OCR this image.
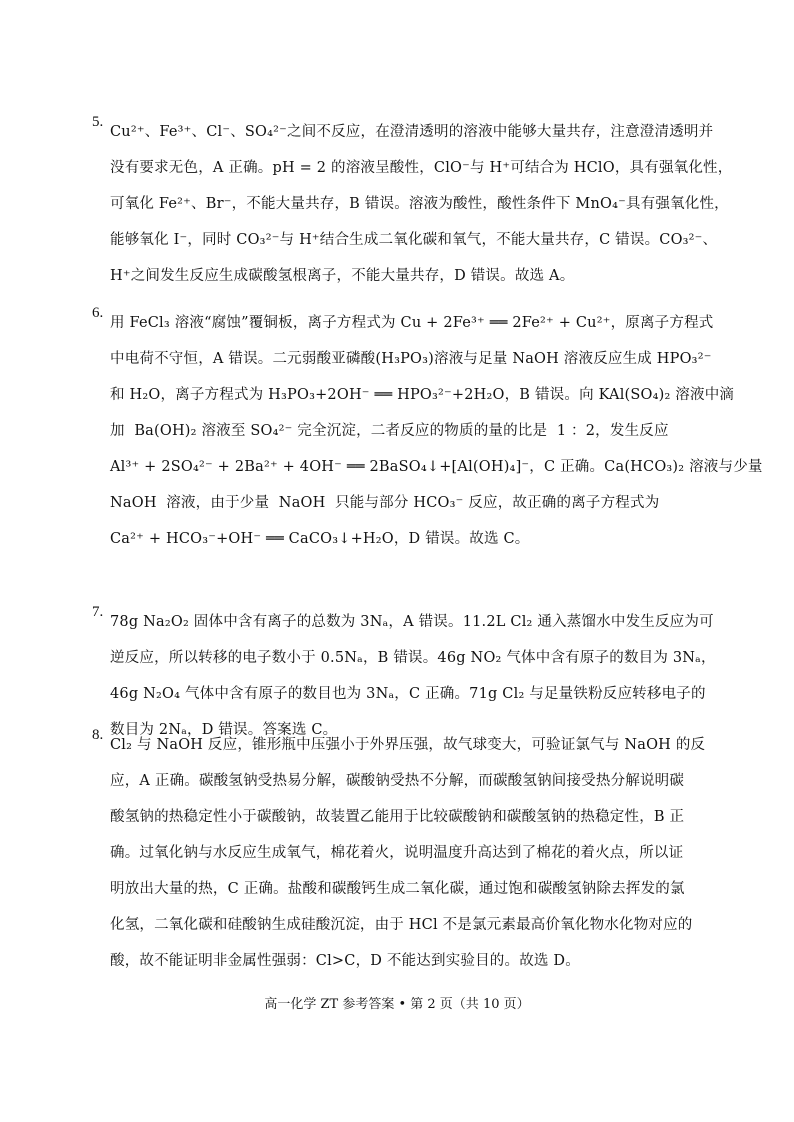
5.
Cu²⁺、Fe³⁺、Cl⁻、SO₄²⁻之间不反应，在澄清透明的溶液中能够大量共存，注意澄清透明并
没有要求无色，A 正确。pH = 2 的溶液呈酸性，ClO⁻与 H⁺可结合为 HClO，具有强氧化性，
可氧化 Fe²⁺、Br⁻，不能大量共存，B 错误。溶液为酸性，酸性条件下 MnO₄⁻具有强氧化性，
能够氧化 I⁻，同时 CO₃²⁻与 H⁺结合生成二氧化碳和氧气，不能大量共存，C 错误。CO₃²⁻、
H⁺之间发生反应生成碳酸氢根离子，不能大量共存，D 错误。故选 A。
6.
用 FeCl₃ 溶液“腐蚀”覆铜板，离子方程式为 Cu + 2Fe³⁺ ══ 2Fe²⁺ + Cu²⁺，原离子方程式
中电荷不守恒，A 错误。二元弱酸亚磷酸(H₃PO₃)溶液与足量 NaOH 溶液反应生成 HPO₃²⁻
和 H₂O，离子方程式为 H₃PO₃+2OH⁻ ══ HPO₃²⁻+2H₂O，B 错误。向 KAl(SO₄)₂ 溶液中滴
加  Ba(OH)₂ 溶液至 SO₄²⁻ 完全沉淀，二者反应的物质的量的比是  1 ：2，发生反应
Al³⁺ + 2SO₄²⁻ + 2Ba²⁺ + 4OH⁻ ══ 2BaSO₄↓+[Al(OH)₄]⁻，C 正确。Ca(HCO₃)₂ 溶液与少量
NaOH  溶液，由于少量  NaOH  只能与部分 HCO₃⁻ 反应，故正确的离子方程式为
Ca²⁺ + HCO₃⁻+OH⁻ ══ CaCO₃↓+H₂O，D 错误。故选 C。
7.
78g Na₂O₂ 固体中含有离子的总数为 3Nₐ，A 错误。11.2L Cl₂ 通入蒸馏水中发生反应为可
逆反应，所以转移的电子数小于 0.5Nₐ，B 错误。46g NO₂ 气体中含有原子的数目为 3Nₐ，
46g N₂O₄ 气体中含有原子的数目也为 3Nₐ，C 正确。71g Cl₂ 与足量铁粉反应转移电子的
数目为 2Nₐ，D 错误。答案选 C。
8.
Cl₂ 与 NaOH 反应，锥形瓶中压强小于外界压强，故气球变大，可验证氯气与 NaOH 的反
应，A 正确。碳酸氢钠受热易分解，碳酸钠受热不分解，而碳酸氢钠间接受热分解说明碳
酸氢钠的热稳定性小于碳酸钠，故装置乙能用于比较碳酸钠和碳酸氢钠的热稳定性，B 正
确。过氧化钠与水反应生成氧气，棉花着火，说明温度升高达到了棉花的着火点，所以证
明放出大量的热，C 正确。盐酸和碳酸钙生成二氧化碳，通过饱和碳酸氢钠除去挥发的氯
化氢，二氧化碳和硅酸钠生成硅酸沉淀，由于 HCl 不是氯元素最高价氧化物水化物对应的
酸，故不能证明非金属性强弱：Cl>C，D 不能达到实验目的。故选 D。
高一化学 ZT 参考答案 • 第 2 页（共 10 页）
